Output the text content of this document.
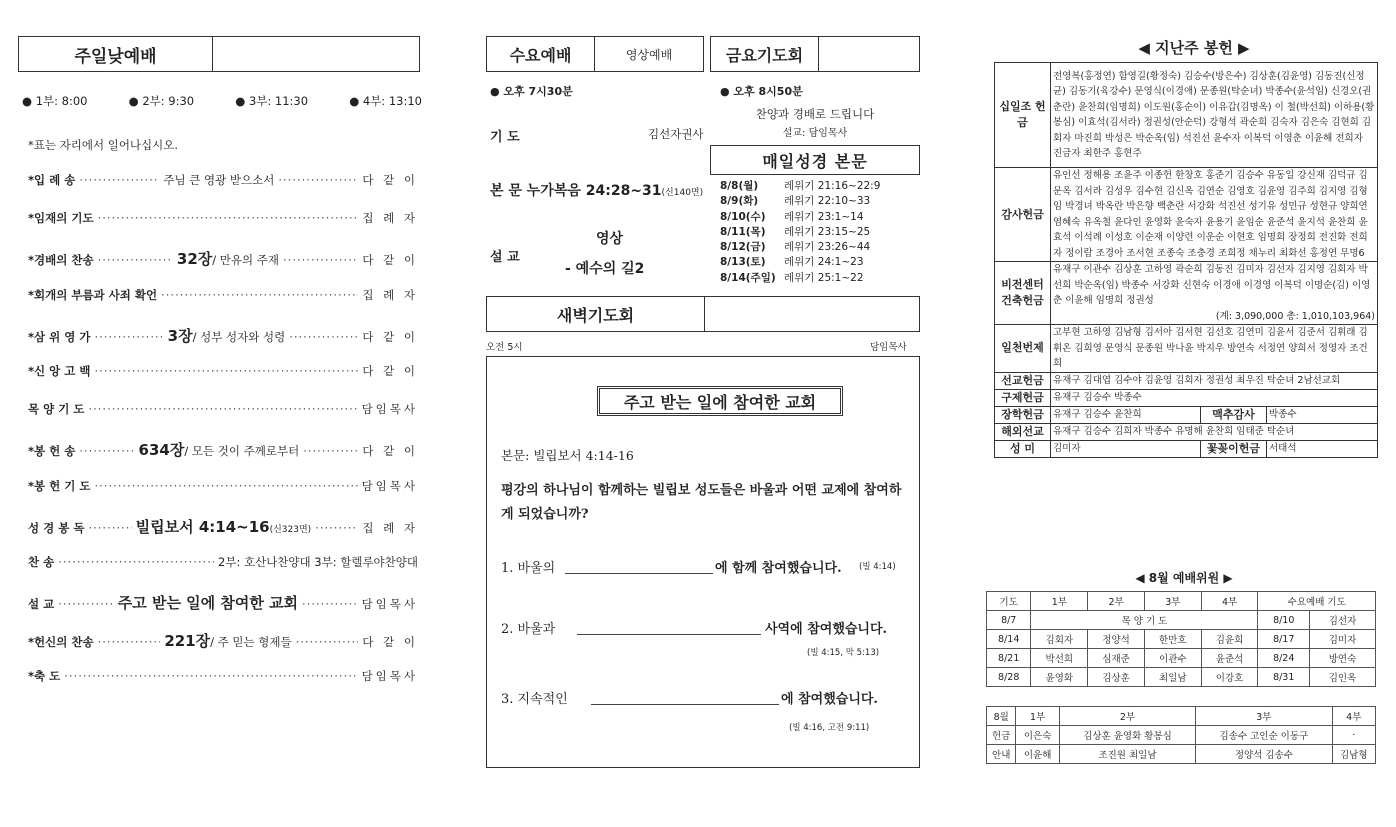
주일낮예배
● 1부: 8:00	● 2부: 9:30	● 3부: 11:30	● 4부: 13:10
*표는 자리에서 일어나십시오.
*입 례 송 ·····	주님 큰 영광 받으소서 ·····	다 같 이
*임재의 기도 ·····	집 례 자
*경배의 찬송 ·····	32장 / 만유의 주재 ·····	다 같 이
*회개의 부름과 사죄 확언 ·····	집 례 자
*삼 위 영 가 ·····	3장 / 성부 성자와 성령 ·····	다 같 이
*신 앙 고 백 ·····	다 같 이
목 양 기 도 ·····	담임목사
*봉 헌 송 ·····	634장 / 모든 것이 주께로부터 ·····	다 같 이
*봉 헌 기 도 ·····	담임목사
성 경 봉 독 ·····	빌립보서 4:14~16 (신323면) ·····	집 례 자
찬 송 ·····	2부: 호산나찬양대 3부: 할렐루야찬양대
설 교 ·····	주고 받는 일에 참여한 교회 ·····	담임목사
*헌신의 찬송 ·····	221장 / 주 믿는 형제들 ·····	다 같 이
*축 도 ·····	담임목사
수요예배	영상예배	금요기도회
● 오후 7시30분	● 오후 8시50분
찬양과 경배로 드립니다
설교: 담임목사
기 도	김선자권사
매일성경 본문
본 문 누가복음 24:28~31(신140면)
설 교
영상
- 예수의 길2
8/8(월)	레위기 21:16~22:9
8/9(화)	레위기 22:10~33
8/10(수)	레위기 23:1~14
8/11(목)	레위기 23:15~25
8/12(금)	레위기 23:26~44
8/13(토)	레위기 24:1~23
8/14(주일) 레위기 25:1~22
새벽기도회
오전 5시	담임목사
주고 받는 일에 참여한 교회
본문: 빌립보서 4:14-16
평강의 하나님이 함께하는 빌립보 성도들은 바울과 어떤 교제에 참여하게 되었습니까?
1. 바울의	에 함께 참여했습니다. (빌 4:14)
2. 바울과	사역에 참여했습니다.
(빌 4:15, 막 5:13)
3. 지속적인	에 참여했습니다.
(빌 4:16, 고전 9:11)
◀ 지난주 봉헌 ▶
십일조 헌금	전영복(홍정연) 함영길(황정숙) 김승수(방은수) 김상훈(김윤영) 김동진(신정균) 김동기(육강수) 문영식(이경애) 문종원(탁순녀) 박종수(윤석임) 신경오(권춘란) 윤찬희(임명희) 이도원(홍순이) 이유갑(김명옥) 이 철(박선희) 이하용(황봉심) 이효석(김서라) 정권성(안순덕) 강형석 곽순희 김숙자 김은숙 김현희 김회자 마진희 박성은 박순옥(임) 석진선 윤수자 이복덕 이영춘 이윤해 전희자 진금자 최한주 홍현주		

감사헌금	유인선 정해용 조윤주 이종헌 한창호 홍준기 김승수 유동일 강신재 김덕규 김문옥 김서라 김성우 김수현 김신옥 김연순 김영호 김윤영 김주희 김지영 김형임 박경녀 박옥란 박은향 백춘란 서강화 석진선 성기유 성민규 성현규 양희연 염혜숙 유옥철 윤다인 윤영화 윤숙자 윤용기 윤임순 윤준석 윤지석 윤찬희 윤효석 이석례 이성호 이순재 이양련 이운순 이현호 임명희 장정희 전진화 전희자 정이람 조경아 조서현 조종숙 조충경 조희정 채누리 최화선 홍정연 무명6		

비전센터 건축헌금	유재구 이관수 김상훈 고하영 곽순희 김동진 김미자 김선자 김지영 김회자 박선희 박순옥(임) 박종수 서강화 신현숙 이경애 이경영 이복덕 이명순(김) 이영춘 이윤해 임명희 정권성
(계: 3,090,000 총: 1,010,103,964)		

일천번제	고부현 고하영 김남형 김서아 김서현 김선호 김연미 김윤서 김준서 김휘래 김휘온 김희영 문영식 문종원 박나윤 박지우 방연숙 서정연 양희서 정영자 조건희		

선교헌금	유재구 김대엽 김수야 김윤영 김회자 정권성 최우진 탁순녀 2남선교회		

구제헌금	유재구 김승수 박종수		

장학헌금	유재구 김승수 윤찬희	맥추감사	박종수
해외선교	유재구 김승수 김희자 박종수 유명해 윤찬희 임태준 탁순녀		

성 미	김미자	꽃꽂이헌금	서태석
◀ 8월 예배위원 ▶
기도	1부	2부	3부	4부	수요예배 기도	
8/7	목 양 기 도				8/10	김선자
8/14	김회자	정양석	한만호	김윤희	8/17	김미자
8/21	박선희	심재준	이관수	윤준석	8/24	방연숙
8/28	윤영화	김상훈	최일남	이강호	8/31	김인옥
8월	1부	2부	3부	4부
헌금	이은숙	김상훈 윤영화 황봉심	김송수 고인순 이동구	·
안내	이윤해	조진원 최일남	정양석 김송수	김남형
